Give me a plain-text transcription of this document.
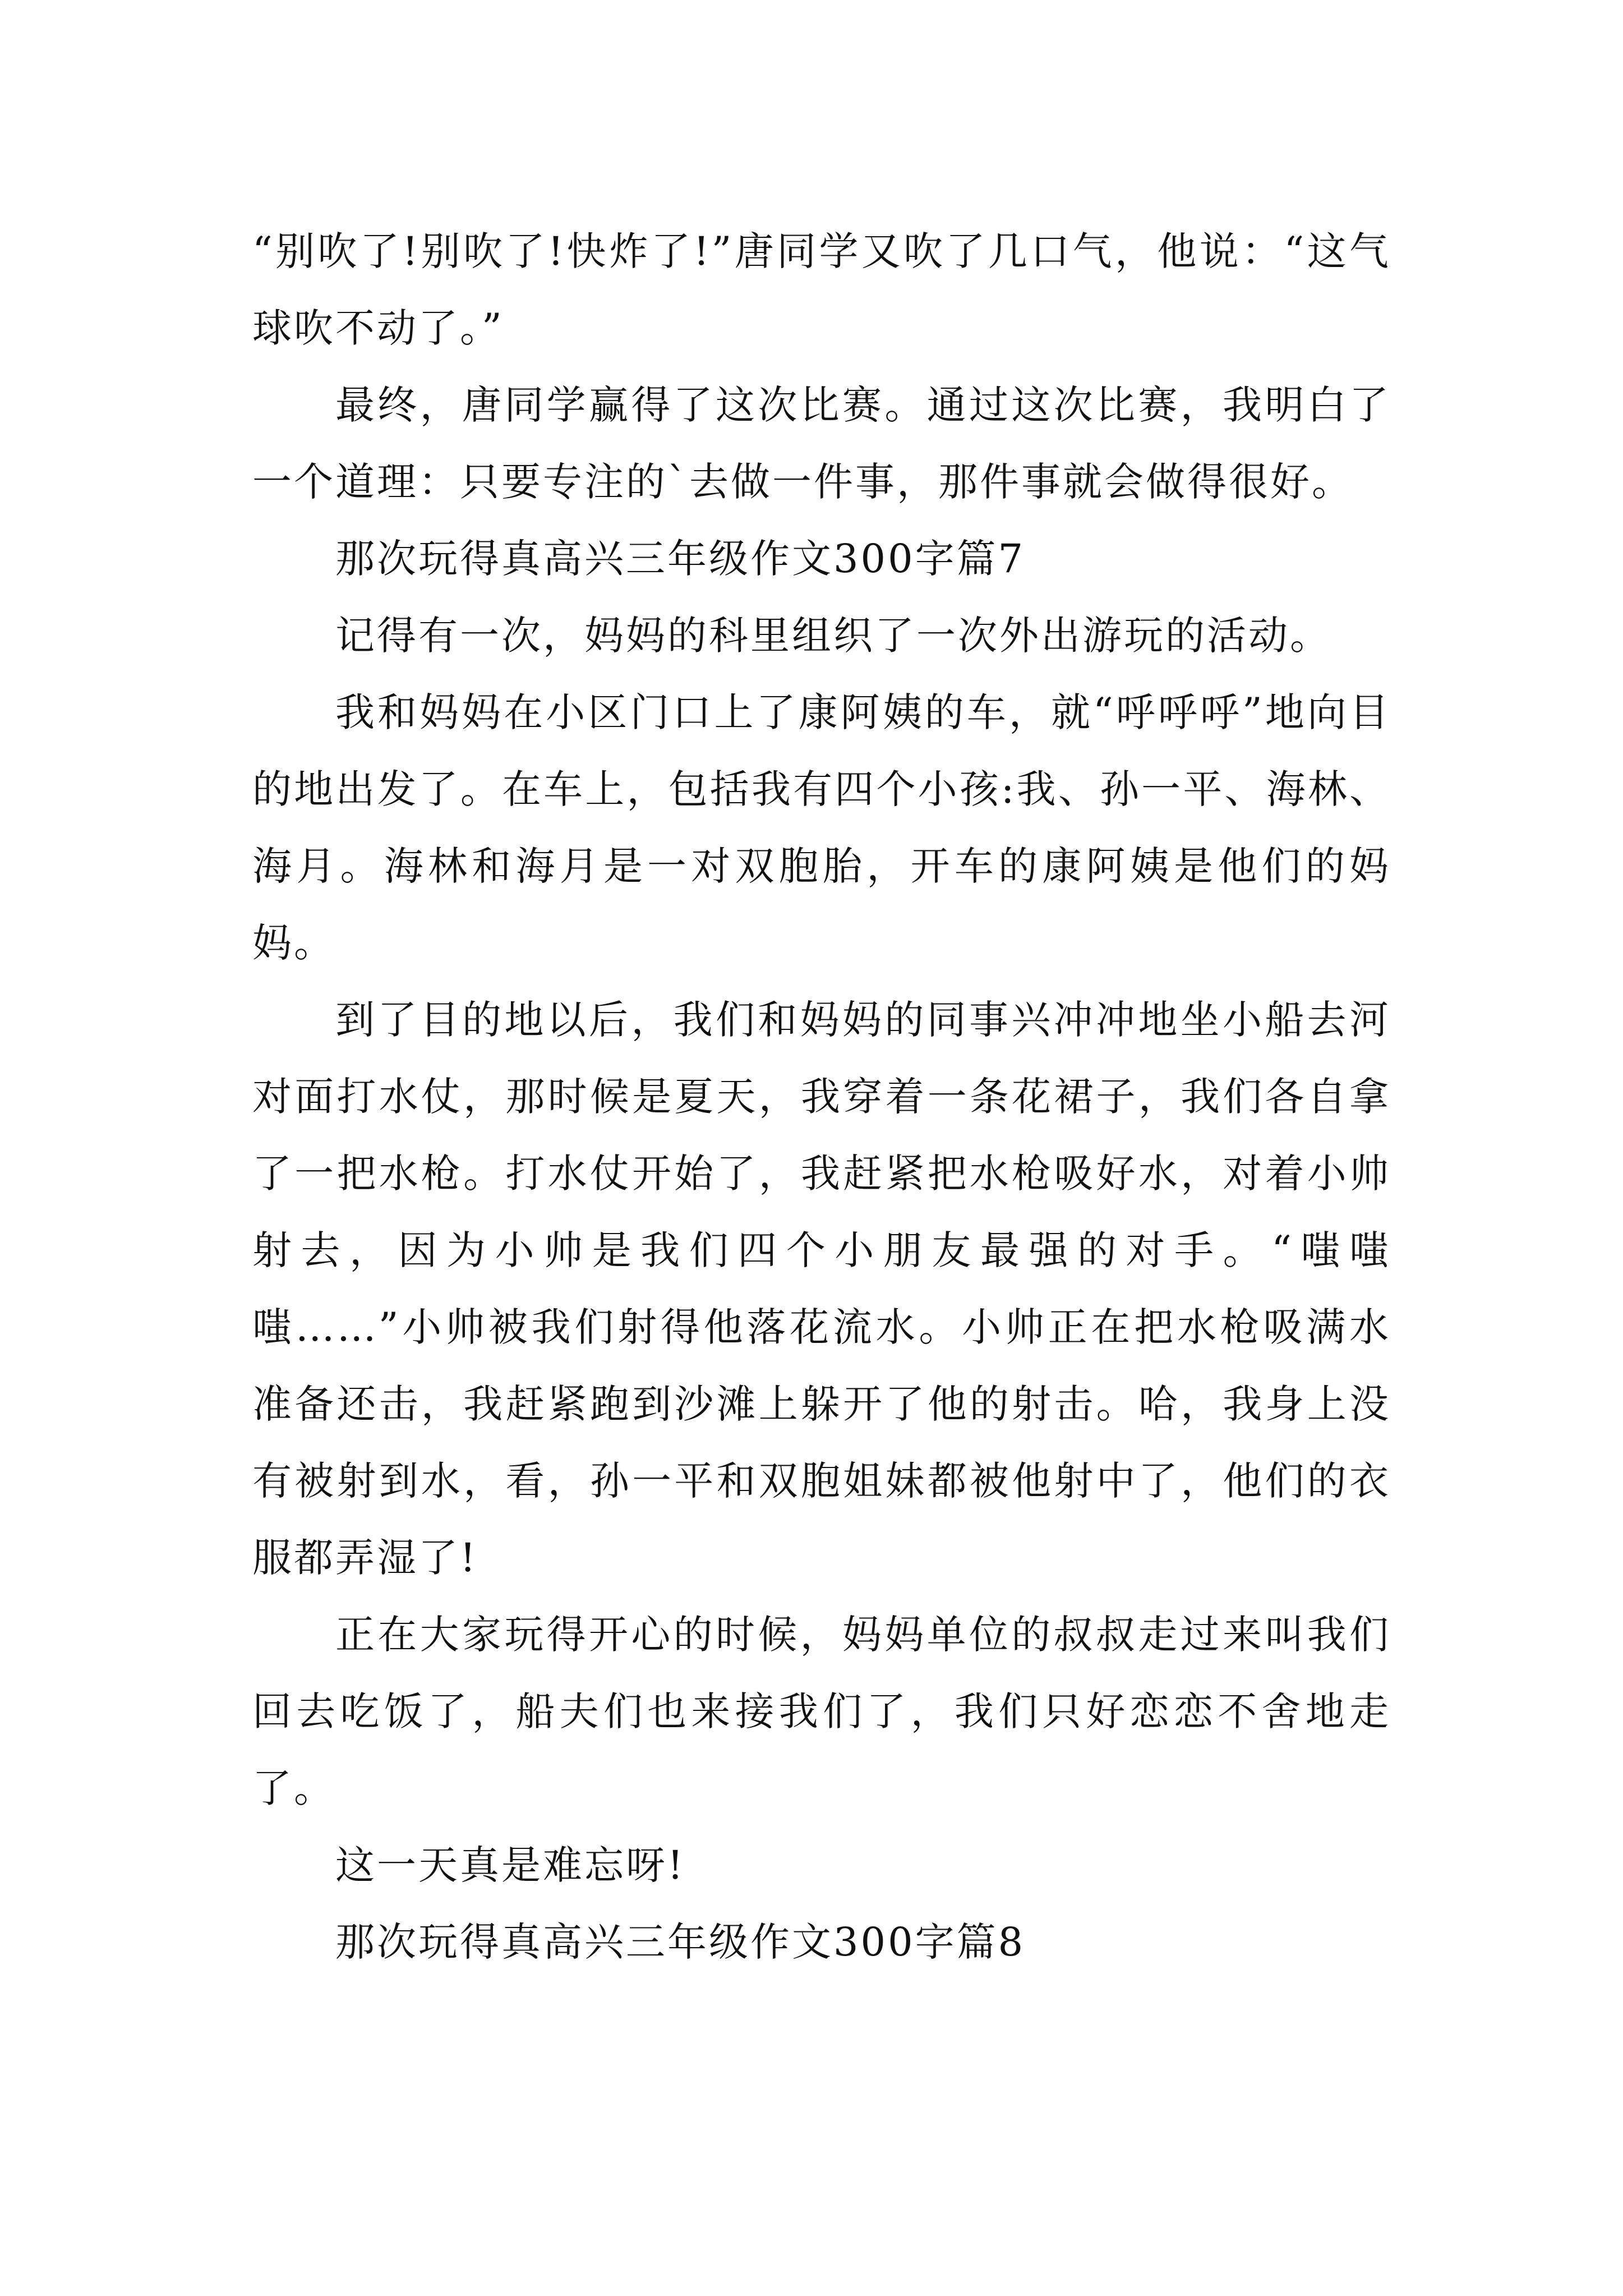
“别吹了!别吹了!快炸了!”唐同学又吹了几口气，他说：“这气球吹不动了。”

最终，唐同学赢得了这次比赛。通过这次比赛，我明白了一个道理：只要专注的`去做一件事，那件事就会做得很好。

那次玩得真高兴三年级作文300字篇7

记得有一次，妈妈的科里组织了一次外出游玩的活动。

我和妈妈在小区门口上了康阿姨的车，就“呼呼呼”地向目的地出发了。在车上，包括我有四个小孩:我、孙一平、海林、海月。海林和海月是一对双胞胎，开车的康阿姨是他们的妈妈。

到了目的地以后，我们和妈妈的同事兴冲冲地坐小船去河对面打水仗，那时候是夏天，我穿着一条花裙子，我们各自拿了一把水枪。打水仗开始了，我赶紧把水枪吸好水，对着小帅射去，因为小帅是我们四个小朋友最强的对手。“嗤嗤嗤……”小帅被我们射得他落花流水。小帅正在把水枪吸满水准备还击，我赶紧跑到沙滩上躲开了他的射击。哈，我身上没有被射到水，看，孙一平和双胞姐妹都被他射中了，他们的衣服都弄湿了!

正在大家玩得开心的时候，妈妈单位的叔叔走过来叫我们回去吃饭了，船夫们也来接我们了，我们只好恋恋不舍地走了。

这一天真是难忘呀!

那次玩得真高兴三年级作文300字篇8
